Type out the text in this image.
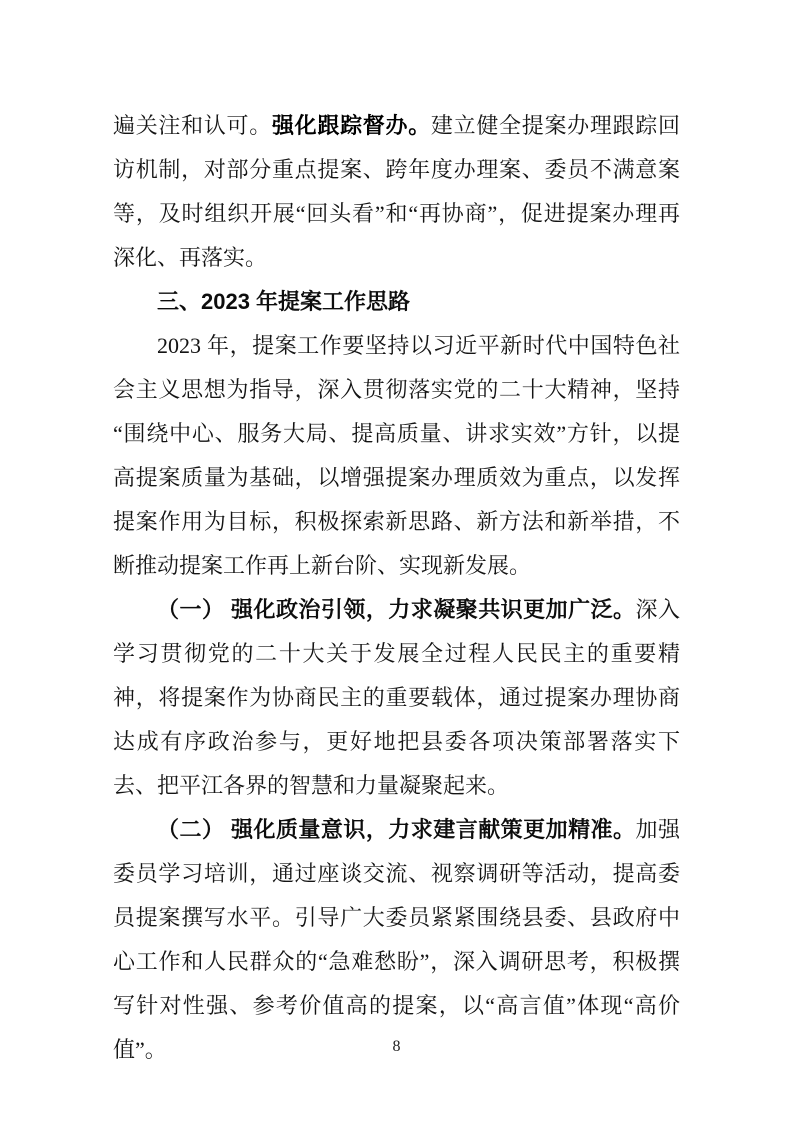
遍关注和认可。强化跟踪督办。建立健全提案办理跟踪回访机制，对部分重点提案、跨年度办理案、委员不满意案等，及时组织开展“回头看”和“再协商”，促进提案办理再深化、再落实。

三、2023 年提案工作思路

2023 年，提案工作要坚持以习近平新时代中国特色社会主义思想为指导，深入贯彻落实党的二十大精神，坚持“围绕中心、服务大局、提高质量、讲求实效”方针，以提高提案质量为基础，以增强提案办理质效为重点，以发挥提案作用为目标，积极探索新思路、新方法和新举措，不断推动提案工作再上新台阶、实现新发展。

（一） 强化政治引领，力求凝聚共识更加广泛。深入学习贯彻党的二十大关于发展全过程人民民主的重要精神，将提案作为协商民主的重要载体，通过提案办理协商达成有序政治参与，更好地把县委各项决策部署落实下去、把平江各界的智慧和力量凝聚起来。

（二） 强化质量意识，力求建言献策更加精准。加强委员学习培训，通过座谈交流、视察调研等活动，提高委员提案撰写水平。引导广大委员紧紧围绕县委、县政府中心工作和人民群众的“急难愁盼”，深入调研思考，积极撰写针对性强、参考价值高的提案，以“高言值”体现“高价值”。	8
